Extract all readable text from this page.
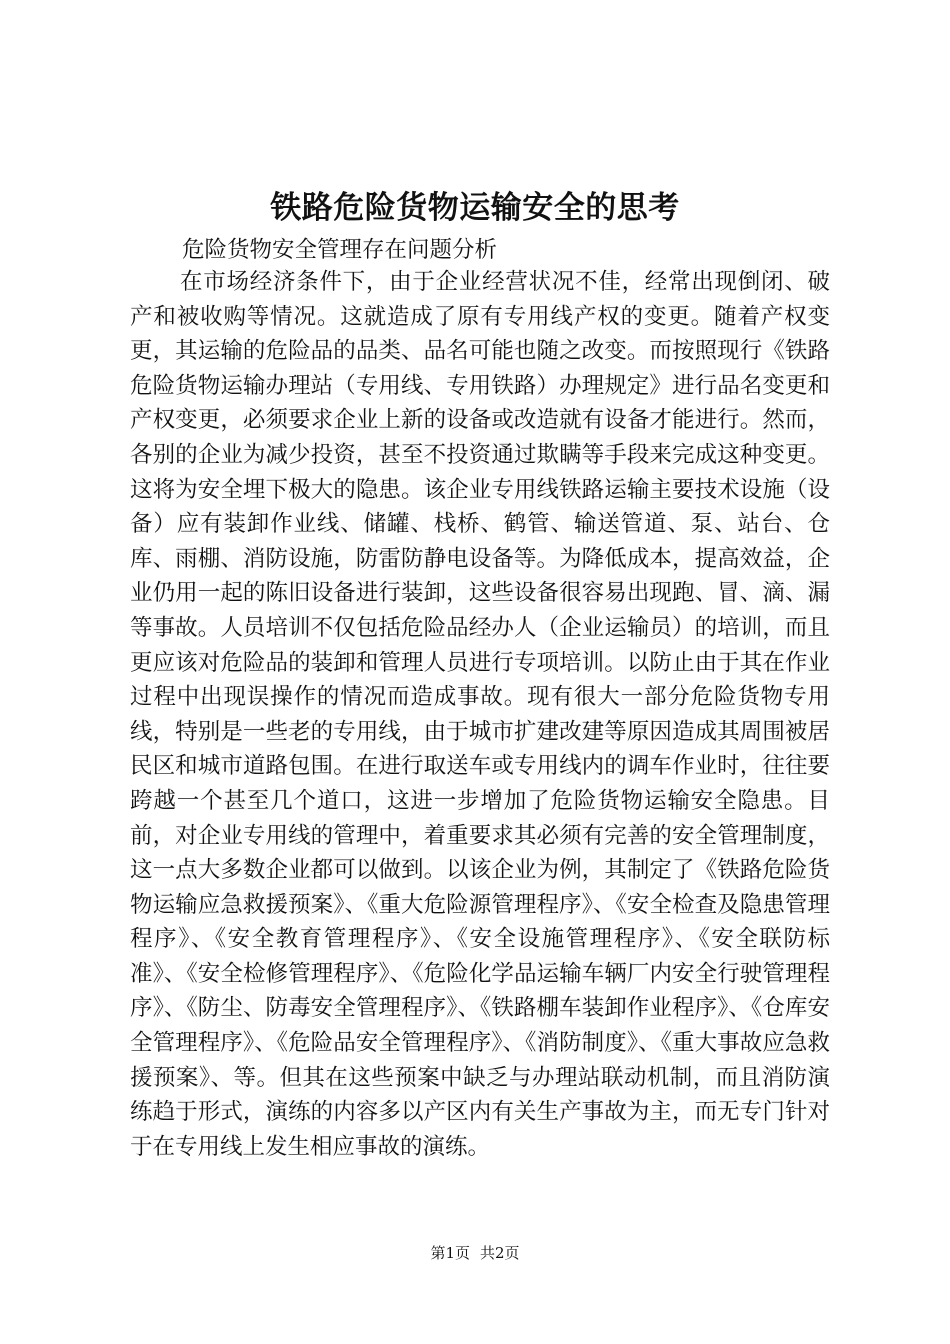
铁路危险货物运输安全的思考
危险货物安全管理存在问题分析

在市场经济条件下，由于企业经营状况不佳，经常出现倒闭、破产和被收购等情况。这就造成了原有专用线产权的变更。随着产权变更，其运输的危险品的品类、品名可能也随之改变。而按照现行《铁路危险货物运输办理站（专用线、专用铁路）办理规定》进行品名变更和产权变更，必须要求企业上新的设备或改造就有设备才能进行。然而，各别的企业为减少投资，甚至不投资通过欺瞒等手段来完成这种变更。这将为安全埋下极大的隐患。该企业专用线铁路运输主要技术设施（设备）应有装卸作业线、储罐、栈桥、鹤管、输送管道、泵、站台、仓库、雨棚、消防设施，防雷防静电设备等。为降低成本，提高效益，企业仍用一起的陈旧设备进行装卸，这些设备很容易出现跑、冒、滴、漏等事故。人员培训不仅包括危险品经办人（企业运输员）的培训，而且更应该对危险品的装卸和管理人员进行专项培训。以防止由于其在作业过程中出现误操作的情况而造成事故。现有很大一部分危险货物专用线，特别是一些老的专用线，由于城市扩建改建等原因造成其周围被居民区和城市道路包围。在进行取送车或专用线内的调车作业时，往往要跨越一个甚至几个道口，这进一步增加了危险货物运输安全隐患。目前，对企业专用线的管理中，着重要求其必须有完善的安全管理制度，这一点大多数企业都可以做到。以该企业为例，其制定了《铁路危险货物运输应急救援预案》、《重大危险源管理程序》、《安全检查及隐患管理程序》、《安全教育管理程序》、《安全设施管理程序》、《安全联防标准》、《安全检修管理程序》、《危险化学品运输车辆厂内安全行驶管理程序》、《防尘、防毒安全管理程序》、《铁路棚车装卸作业程序》、《仓库安全管理程序》、《危险品安全管理程序》、《消防制度》、《重大事故应急救援预案》、等。但其在这些预案中缺乏与办理站联动机制，而且消防演练趋于形式，演练的内容多以产区内有关生产事故为主，而无专门针对于在专用线上发生相应事故的演练。

第1页 共2页
